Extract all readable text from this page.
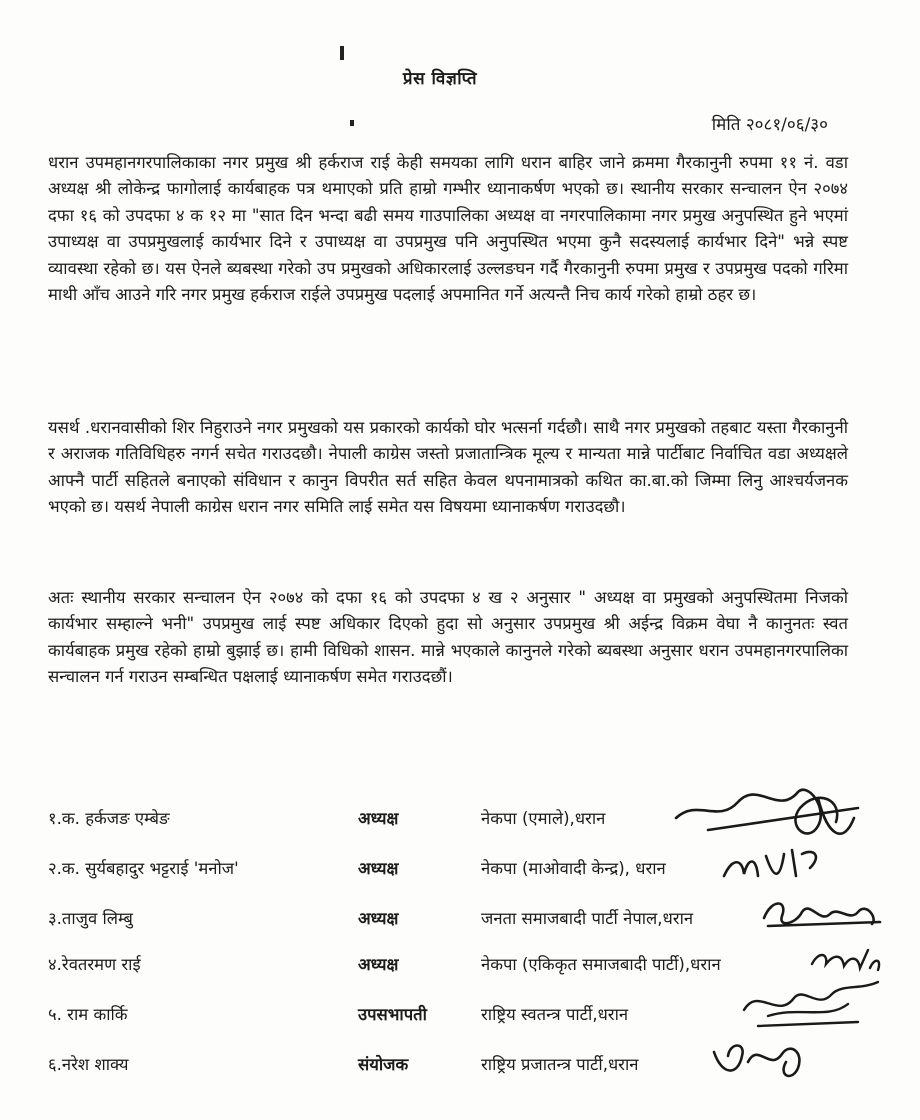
प्रेस विज्ञप्ति
मिति २०८१/०६/३०

धरान उपमहानगरपालिकाका नगर प्रमुख श्री हर्कराज राई केही समयका लागि धरान बाहिर जाने क्रममा गैरकानुनी रुपमा ११ नं. वडा अध्यक्ष श्री लोकेन्द्र फागोलाई कार्यबाहक पत्र थमाएको प्रति हाम्रो गम्भीर ध्यानाकर्षण भएको छ। स्थानीय सरकार सन्चालन ऐन २०७४ दफा १६ को उपदफा ४ क १२ मा "सात दिन भन्दा बढी समय गाउपालिका अध्यक्ष वा नगरपालिकामा नगर प्रमुख अनुपस्थित हुने भएमां उपाध्यक्ष वा उपप्रमुखलाई कार्यभार दिने र उपाध्यक्ष वा उपप्रमुख पनि अनुपस्थित भएमा कुनै सदस्यलाई कार्यभार दिने" भन्ने स्पष्ट व्यावस्था रहेको छ। यस ऐनले ब्यबस्था गरेको उप प्रमुखको अधिकारलाई उल्लङघन गर्दै गैरकानुनी रुपमा प्रमुख र उपप्रमुख पदको गरिमा माथी आँच आउने गरि नगर प्रमुख हर्कराज राईले उपप्रमुख पदलाई अपमानित गर्ने अत्यन्तै निच कार्य गरेको हाम्रो ठहर छ।

यसर्थ .धरानवासीको शिर निहुराउने नगर प्रमुखको यस प्रकारको कार्यको घोर भत्सर्ना गर्दछौ। साथै नगर प्रमुखको तहबाट यस्ता गैरकानुनी र अराजक गतिविधिहरु नगर्न सचेत गराउदछौ। नेपाली काग्रेस जस्तो प्रजातान्त्रिक मूल्य र मान्यता मान्ने पार्टीबाट निर्वाचित वडा अध्यक्षले आफ्नै पार्टी सहितले बनाएको संविधान र कानुन विपरीत सर्त सहित केवल थपनामात्रको कथित का.बा.को जिम्मा लिनु आश्चर्यजनक भएको छ। यसर्थ नेपाली काग्रेस धरान नगर समिति लाई समेत यस विषयमा ध्यानाकर्षण गराउदछौ।

अतः स्थानीय सरकार सन्चालन ऐन २०७४ को दफा १६ को उपदफा ४ ख २ अनुसार " अध्यक्ष वा प्रमुखको अनुपस्थितमा निजको कार्यभार सम्हाल्ने भनी" उपप्रमुख लाई स्पष्ट अधिकार दिएको हुदा सो अनुसार उपप्रमुख श्री अईन्द्र विक्रम वेघा नै कानुनतः स्वत कार्यबाहक प्रमुख रहेको हाम्रो बुझाई छ। हामी विधिको शासन. मान्ने भएकाले कानुनले गरेको ब्यबस्था अनुसार धरान उपमहानगरपालिका सन्चालन गर्न गराउन सम्बन्धित पक्षलाई ध्यानाकर्षण समेत गराउदछौं।

१.क. हर्कजङ एम्बेङ	अध्यक्ष	नेकपा (एमाले),धरान
२.क. सुर्यबहादुर भट्टराई 'मनोज'	अध्यक्ष	नेकपा (माओवादी केन्द्र), धरान
३.ताजुव लिम्बु	अध्यक्ष	जनता समाजबादी पार्टी नेपाल,धरान
४.रेवतरमण राई	अध्यक्ष	नेकपा (एकिकृत समाजबादी पार्टी),धरान
५. राम कार्कि	उपसभापती	राष्ट्रिय स्वतन्त्र पार्टी,धरान
६.नरेश शाक्य	संयोजक	राष्ट्रिय प्रजातन्त्र पार्टी,धरान
